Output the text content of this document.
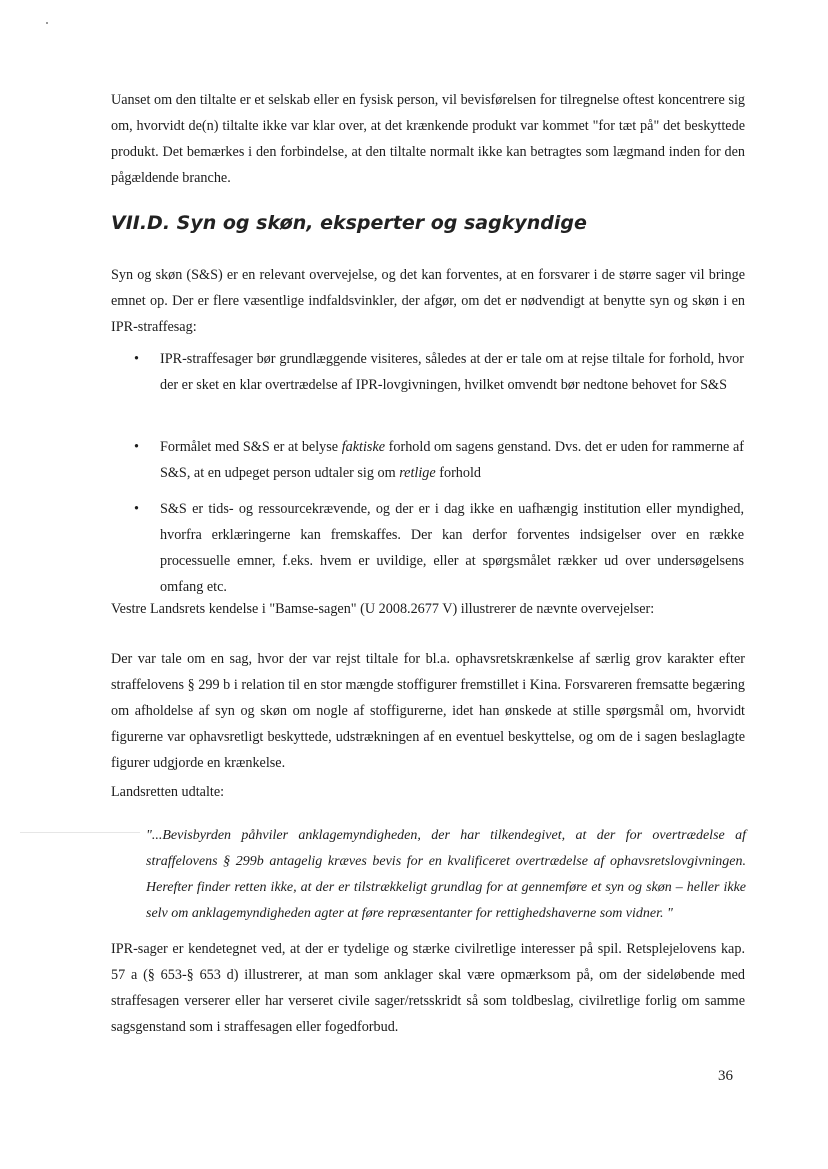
Uanset om den tiltalte er et selskab eller en fysisk person, vil bevisførelsen for tilregnelse oftest koncentrere sig om, hvorvidt de(n) tiltalte ikke var klar over, at det krænkende produkt var kommet "for tæt på" det beskyttede produkt. Det bemærkes i den forbindelse, at den tiltalte normalt ikke kan betragtes som lægmand inden for den pågældende branche.
VII.D. Syn og skøn, eksperter og sagkyndige
Syn og skøn (S&S) er en relevant overvejelse, og det kan forventes, at en forsvarer i de større sager vil bringe emnet op. Der er flere væsentlige indfaldsvinkler, der afgør, om det er nødvendigt at benytte syn og skøn i en IPR-straffesag:
• IPR-straffesager bør grundlæggende visiteres, således at der er tale om at rejse tiltale for forhold, hvor der er sket en klar overtrædelse af IPR-lovgivningen, hvilket omvendt bør nedtone behovet for S&S
• Formålet med S&S er at belyse faktiske forhold om sagens genstand. Dvs. det er uden for rammerne af S&S, at en udpeget person udtaler sig om retlige forhold
• S&S er tids- og ressourcekrævende, og der er i dag ikke en uafhængig institution eller myndighed, hvorfra erklæringerne kan fremskaffes. Der kan derfor forventes indsigelser over en række processuelle emner, f.eks. hvem er uvildige, eller at spørgsmålet rækker ud over undersøgelsens omfang etc.
Vestre Landsrets kendelse i "Bamse-sagen" (U 2008.2677 V) illustrerer de nævnte overvejelser:
Der var tale om en sag, hvor der var rejst tiltale for bl.a. ophavsretskrænkelse af særlig grov karakter efter straffelovens § 299 b i relation til en stor mængde stoffigurer fremstillet i Kina. Forsvareren fremsatte begæring om afholdelse af syn og skøn om nogle af stoffigurerne, idet han ønskede at stille spørgsmål om, hvorvidt figurerne var ophavsretligt beskyttede, udstrækningen af en eventuel beskyttelse, og om de i sagen beslaglagte figurer udgjorde en krænkelse.
Landsretten udtalte:
"...Bevisbyrden påhviler anklagemyndigheden, der har tilkendegivet, at der for overtrædelse af straffelovens § 299b antagelig kræves bevis for en kvalificeret overtrædelse af ophavsretslovgivningen. Herefter finder retten ikke, at der er tilstrækkeligt grundlag for at gennemføre et syn og skøn – heller ikke selv om anklagemyndigheden agter at føre repræsentanter for rettighedshaverne som vidner. "
IPR-sager er kendetegnet ved, at der er tydelige og stærke civilretlige interesser på spil. Retsplejelovens kap. 57 a (§ 653-§ 653 d) illustrerer, at man som anklager skal være opmærksom på, om der sideløbende med straffesagen verserer eller har verseret civile sager/retsskridt så som toldbeslag, civilretlige forlig om samme sagsgenstand som i straffesagen eller fogedforbud.
36
